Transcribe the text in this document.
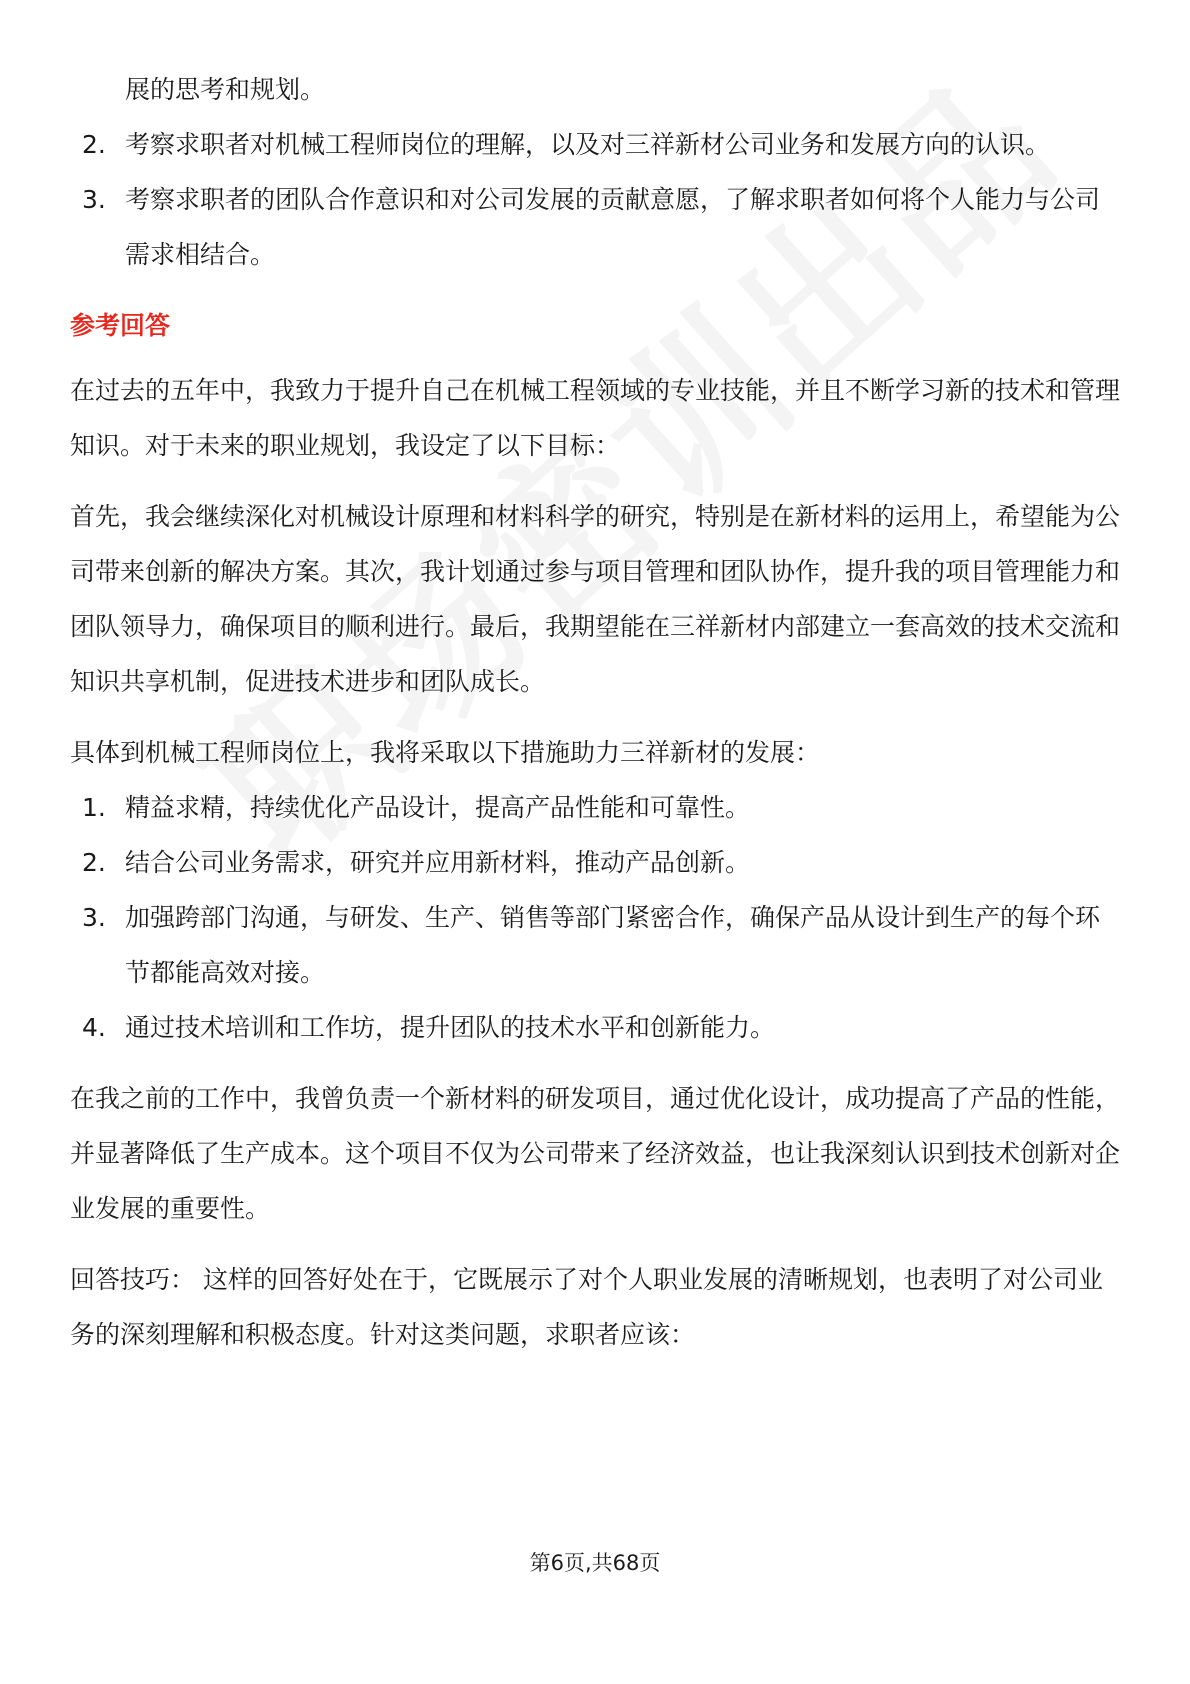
展的思考和规划。

2. 考察求职者对机械工程师岗位的理解，以及对三祥新材公司业务和发展方向的认识。
3. 考察求职者的团队合作意识和对公司发展的贡献意愿，了解求职者如何将个人能力与公司需求相结合。
参考回答

在过去的五年中，我致力于提升自己在机械工程领域的专业技能，并且不断学习新的技术和管理知识。对于未来的职业规划，我设定了以下目标：

首先，我会继续深化对机械设计原理和材料科学的研究，特别是在新材料的运用上，希望能为公司带来创新的解决方案。其次，我计划通过参与项目管理和团队协作，提升我的项目管理能力和团队领导力，确保项目的顺利进行。最后，我期望能在三祥新材内部建立一套高效的技术交流和知识共享机制，促进技术进步和团队成长。

具体到机械工程师岗位上，我将采取以下措施助力三祥新材的发展：

1. 精益求精，持续优化产品设计，提高产品性能和可靠性。
2. 结合公司业务需求，研究并应用新材料，推动产品创新。
3. 加强跨部门沟通，与研发、生产、销售等部门紧密合作，确保产品从设计到生产的每个环节都能高效对接。
4. 通过技术培训和工作坊，提升团队的技术水平和创新能力。

在我之前的工作中，我曾负责一个新材料的研发项目，通过优化设计，成功提高了产品的性能，并显著降低了生产成本。这个项目不仅为公司带来了经济效益，也让我深刻认识到技术创新对企业发展的重要性。

回答技巧： 这样的回答好处在于，它既展示了对个人职业发展的清晰规划，也表明了对公司业务的深刻理解和积极态度。针对这类问题，求职者应该：

第6页,共68页
